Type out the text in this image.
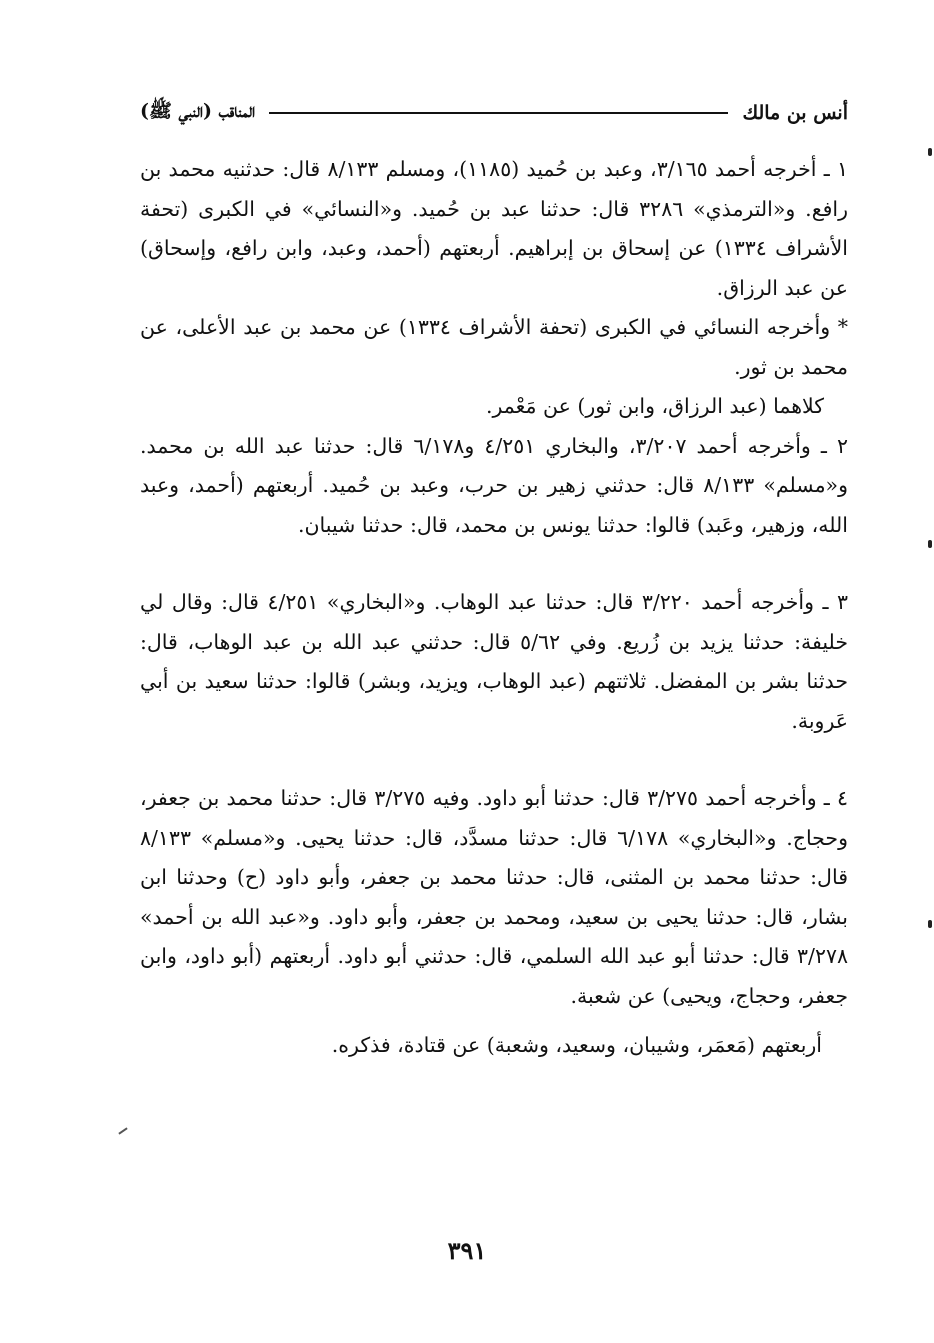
أنس بن مالك
المناقب (النبي ﷺ)

١ ـ أخرجه أحمد ٣/١٦٥، وعبد بن حُميد (١١٨٥)، ومسلم ٨/١٣٣ قال: حدثنيه محمد بن رافع. و«الترمذي» ٣٢٨٦ قال: حدثنا عبد بن حُميد. و«النسائي» في الكبرى (تحفة الأشراف ١٣٣٤) عن إسحاق بن إبراهيم. أربعتهم (أحمد، وعبد، وابن رافع، وإسحاق) عن عبد الرزاق.

* وأخرجه النسائي في الكبرى (تحفة الأشراف ١٣٣٤) عن محمد بن عبد الأعلى، عن محمد بن ثور.

كلاهما (عبد الرزاق، وابن ثور) عن مَعْمر.

٢ ـ وأخرجه أحمد ٣/٢٠٧، والبخاري ٤/٢٥١ و٦/١٧٨ قال: حدثنا عبد الله بن محمد. و«مسلم» ٨/١٣٣ قال: حدثني زهير بن حرب، وعبد بن حُميد. أربعتهم (أحمد، وعبد الله، وزهير، وعَبد) قالوا: حدثنا يونس بن محمد، قال: حدثنا شيبان.

٣ ـ وأخرجه أحمد ٣/٢٢٠ قال: حدثنا عبد الوهاب. و«البخاري» ٤/٢٥١ قال: وقال لي خليفة: حدثنا يزيد بن زُريع. وفي ٥/٦٢ قال: حدثني عبد الله بن عبد الوهاب، قال: حدثنا بشر بن المفضل. ثلاثتهم (عبد الوهاب، ويزيد، وبشر) قالوا: حدثنا سعيد بن أبي عَروبة.

٤ ـ وأخرجه أحمد ٣/٢٧٥ قال: حدثنا أبو داود. وفيه ٣/٢٧٥ قال: حدثنا محمد بن جعفر، وحجاج. و«البخاري» ٦/١٧٨ قال: حدثنا مسدَّد، قال: حدثنا يحيى. و«مسلم» ٨/١٣٣ قال: حدثنا محمد بن المثنى، قال: حدثنا محمد بن جعفر، وأبو داود (ح) وحدثنا ابن بشار، قال: حدثنا يحيى بن سعيد، ومحمد بن جعفر، وأبو داود. و«عبد الله بن أحمد» ٣/٢٧٨ قال: حدثنا أبو عبد الله السلمي، قال: حدثني أبو داود. أربعتهم (أبو داود، وابن جعفر، وحجاج، ويحيى) عن شعبة.

أربعتهم (مَعمَر، وشيبان، وسعيد، وشعبة) عن قتادة، فذكره.

٣٩١
